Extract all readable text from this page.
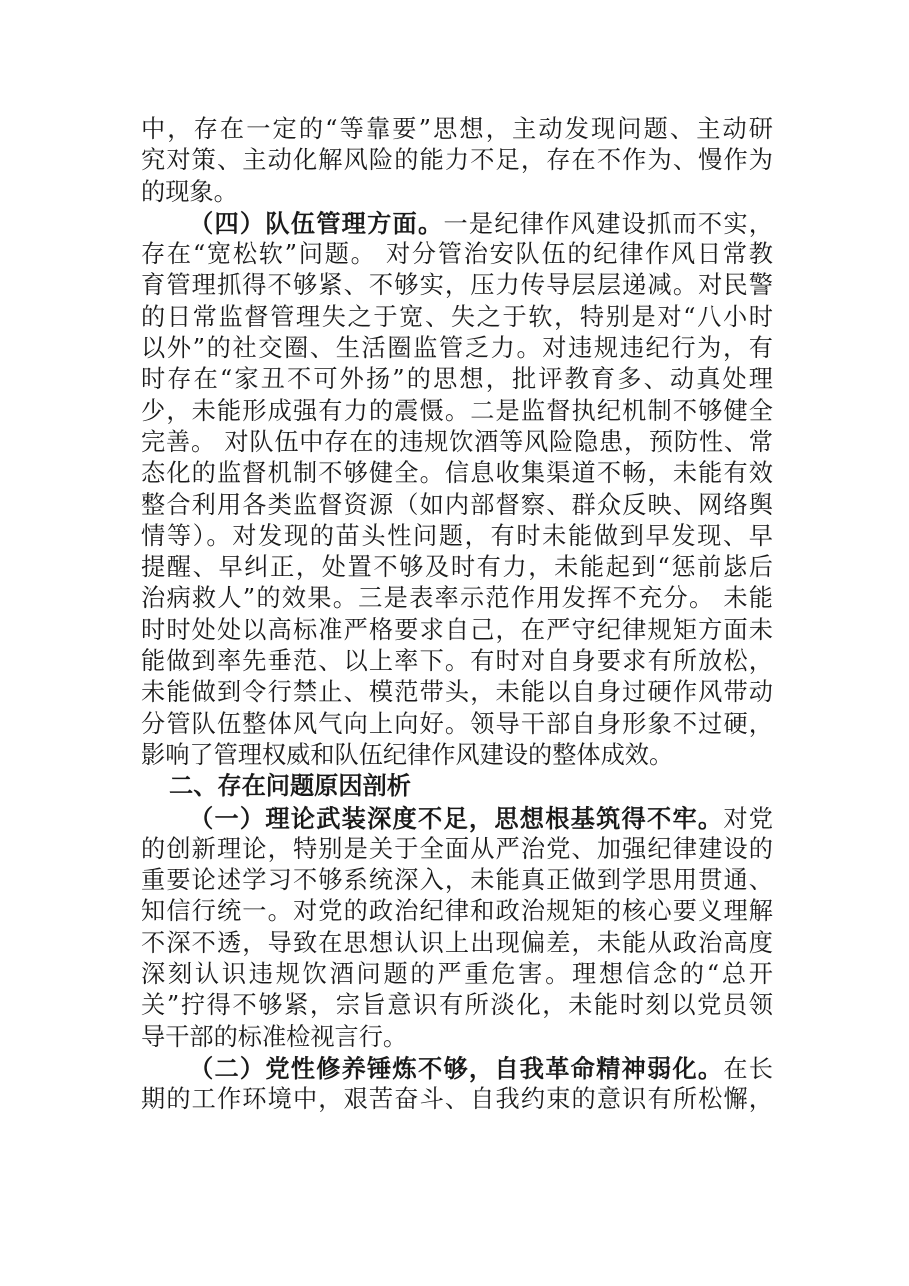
中，存在一定的“等靠要”思想，主动发现问题、主动研
究对策、主动化解风险的能力不足，存在不作为、慢作为
的现象。
（四）队伍管理方面。一是纪律作风建设抓而不实，
存在“宽松软”问题。 对分管治安队伍的纪律作风日常教
育管理抓得不够紧、不够实，压力传导层层递减。对民警
的日常监督管理失之于宽、失之于软，特别是对“八小时
以外”的社交圈、生活圈监管乏力。对违规违纪行为，有
时存在“家丑不可外扬”的思想，批评教育多、动真处理
少，未能形成强有力的震慑。二是监督执纪机制不够健全
完善。 对队伍中存在的违规饮酒等风险隐患，预防性、常
态化的监督机制不够健全。信息收集渠道不畅，未能有效
整合利用各类监督资源（如内部督察、群众反映、网络舆
情等）。对发现的苗头性问题，有时未能做到早发现、早
提醒、早纠正，处置不够及时有力，未能起到“惩前毖后
治病救人”的效果。三是表率示范作用发挥不充分。 未能
时时处处以高标准严格要求自己，在严守纪律规矩方面未
能做到率先垂范、以上率下。有时对自身要求有所放松，
未能做到令行禁止、模范带头，未能以自身过硬作风带动
分管队伍整体风气向上向好。领导干部自身形象不过硬，
影响了管理权威和队伍纪律作风建设的整体成效。
二、存在问题原因剖析
（一）理论武装深度不足，思想根基筑得不牢。对党
的创新理论，特别是关于全面从严治党、加强纪律建设的
重要论述学习不够系统深入，未能真正做到学思用贯通、
知信行统一。对党的政治纪律和政治规矩的核心要义理解
不深不透，导致在思想认识上出现偏差，未能从政治高度
深刻认识违规饮酒问题的严重危害。理想信念的“总开
关”拧得不够紧，宗旨意识有所淡化，未能时刻以党员领
导干部的标准检视言行。
（二）党性修养锤炼不够，自我革命精神弱化。在长
期的工作环境中，艰苦奋斗、自我约束的意识有所松懈，
